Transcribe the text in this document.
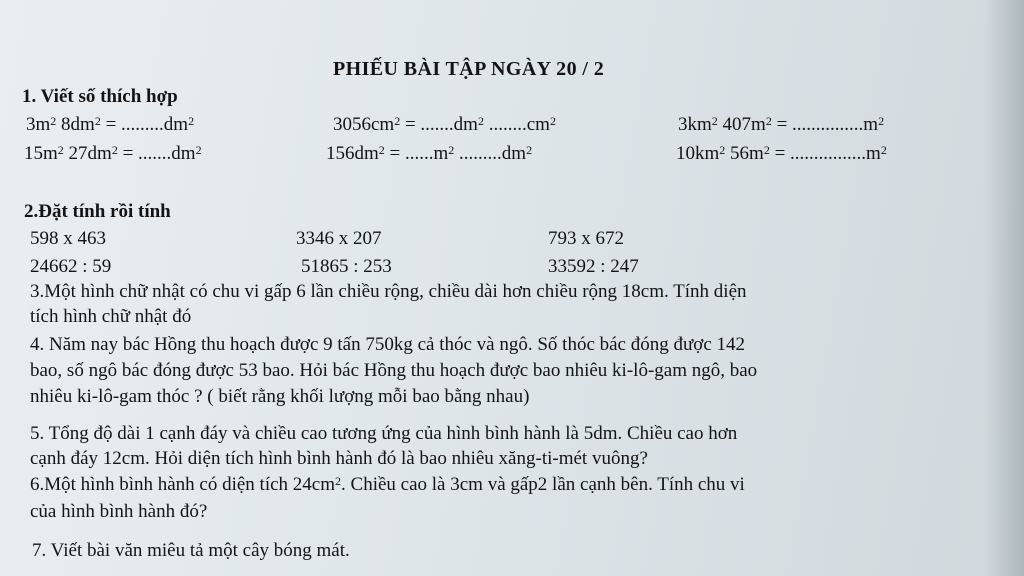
PHIẾU BÀI TẬP NGÀY 20 / 2
1. Viết số thích hợp
$3m^2$ $8dm^2 = .........dm^2$	$3056cm^2 = .......dm^2$ $........cm^2$	$3km^2$ $407m^2 = ...............m^2$
$15m^2$ $27dm^2 = .......dm^2$	$156dm^2 = ......m^2$ $.........dm^2$	$10km^2$ $56m^2 = ................m^2$
2.Đặt tính rồi tính
598 x 463	3346 x 207	793 x 672
24662 : 59	51865 : 253	33592 : 247
3.Một hình chữ nhật có chu vi gấp 6 lần chiều rộng, chiều dài hơn chiều rộng 18cm. Tính diện
tích hình chữ nhật đó
4. Năm nay bác Hồng thu hoạch được 9 tấn 750kg cả thóc và ngô. Số thóc bác đóng được 142
bao, số ngô bác đóng được 53 bao. Hỏi bác Hồng thu hoạch được bao nhiêu ki-lô-gam ngô, bao
nhiêu ki-lô-gam thóc ? ( biết rằng khối lượng mỗi bao bằng nhau)
5. Tổng độ dài 1 cạnh đáy và chiều cao tương ứng của hình bình hành là 5dm. Chiều cao hơn
cạnh đáy 12cm. Hỏi diện tích hình bình hành đó là bao nhiêu xăng-ti-mét vuông?
6.Một hình bình hành có diện tích $24cm^2$. Chiều cao là 3cm và gấp2 lần cạnh bên. Tính chu vi
của hình bình hành đó?
7. Viết bài văn miêu tả một cây bóng mát.
